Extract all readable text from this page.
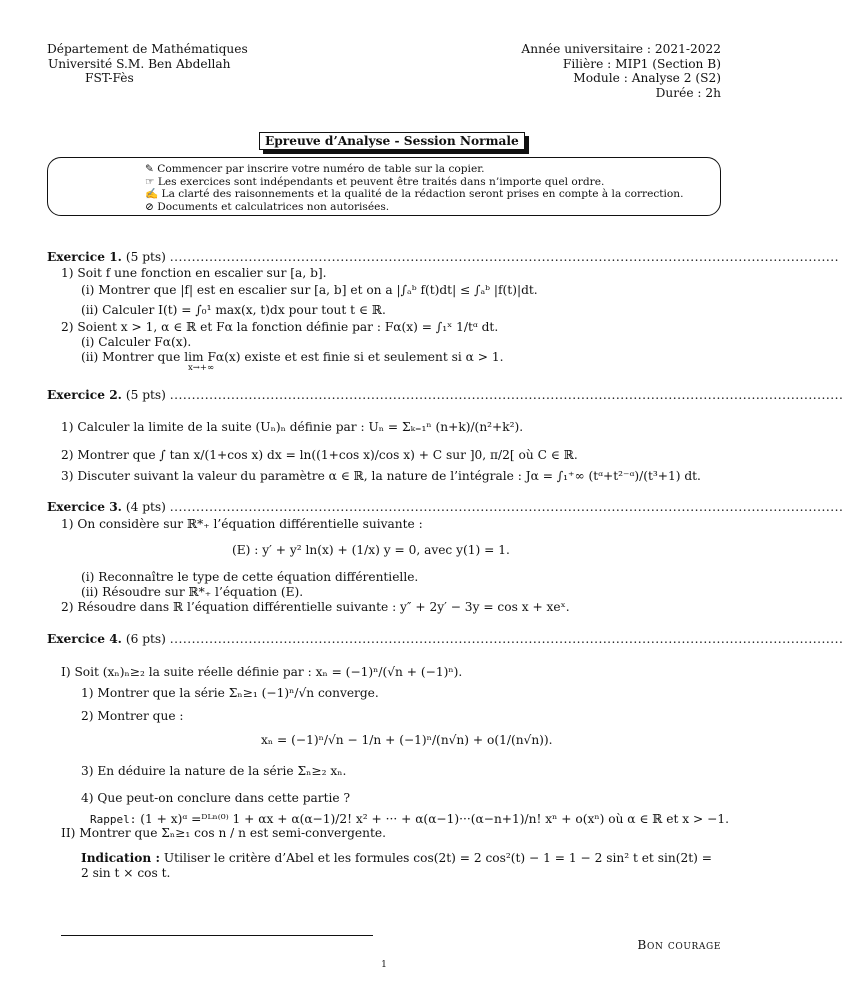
Département de Mathématiques
Université S.M. Ben Abdellah
FST-Fès
Année universitaire : 2021-2022
Filière : MIP1 (Section B)
Module : Analyse 2 (S2)
Durée : 2h
Epreuve d’Analyse - Session Normale
✎ Commencer par inscrire votre numéro de table sur la copier.
☞ Les exercices sont indépendants et peuvent être traités dans n’importe quel ordre.
✍ La clarté des raisonnements et la qualité de la rédaction seront prises en compte à la correction.
⊘ Documents et calculatrices non autorisées.
Exercice 1. (5 pts) .........................................................................................................................................................
1) Soit f une fonction en escalier sur [a, b].
(i) Montrer que |f| est en escalier sur [a, b] et on a |∫ₐᵇ f(t)dt| ≤ ∫ₐᵇ |f(t)|dt.
(ii) Calculer I(t) = ∫₀¹ max(x, t)dx pour tout t ∈ ℝ.
2) Soient x > 1, α ∈ ℝ et Fα la fonction définie par : Fα(x) = ∫₁ˣ 1/tᵅ dt.
(i) Calculer Fα(x).
(ii) Montrer que lim Fα(x) existe et est finie si et seulement si α > 1.
x→+∞
Exercice 2. (5 pts) ..........................................................................................................................................................
1) Calculer la limite de la suite (Uₙ)ₙ définie par : Uₙ = Σₖ₌₁ⁿ (n+k)/(n²+k²).
2) Montrer que ∫ tan x/(1+cos x) dx = ln((1+cos x)/cos x) + C sur ]0, π/2[ où C ∈ ℝ.
3) Discuter suivant la valeur du paramètre α ∈ ℝ, la nature de l’intégrale : Jα = ∫₁⁺∞ (tᵅ+t²⁻ᵅ)/(t³+1) dt.
Exercice 3. (4 pts) ..........................................................................................................................................................
1) On considère sur ℝ*₊ l’équation différentielle suivante :
(E) : y′ + y² ln(x) + (1/x) y = 0, avec y(1) = 1.
(i) Reconnaître le type de cette équation différentielle.
(ii) Résoudre sur ℝ*₊ l’équation (E).
2) Résoudre dans ℝ l’équation différentielle suivante : y″ + 2y′ − 3y = cos x + xeˣ.
Exercice 4. (6 pts) ..........................................................................................................................................................
I) Soit (xₙ)ₙ≥₂ la suite réelle définie par : xₙ = (−1)ⁿ/(√n + (−1)ⁿ).
1) Montrer que la série Σₙ≥₁ (−1)ⁿ/√n converge.
2) Montrer que :
xₙ = (−1)ⁿ/√n − 1/n + (−1)ⁿ/(n√n) + o(1/(n√n)).
3) En déduire la nature de la série Σₙ≥₂ xₙ.
4) Que peut-on conclure dans cette partie ?
Rappel: (1 + x)ᵅ =ᴰᴸⁿ⁽⁰⁾ 1 + αx + α(α−1)/2! x² + ··· + α(α−1)···(α−n+1)/n! xⁿ + o(xⁿ) où α ∈ ℝ et x > −1.
II) Montrer que Σₙ≥₁ cos n / n est semi-convergente.
Indication : Utiliser le critère d’Abel et les formules cos(2t) = 2 cos²(t) − 1 = 1 − 2 sin² t et sin(2t) =
2 sin t × cos t.
Bon courage
1
